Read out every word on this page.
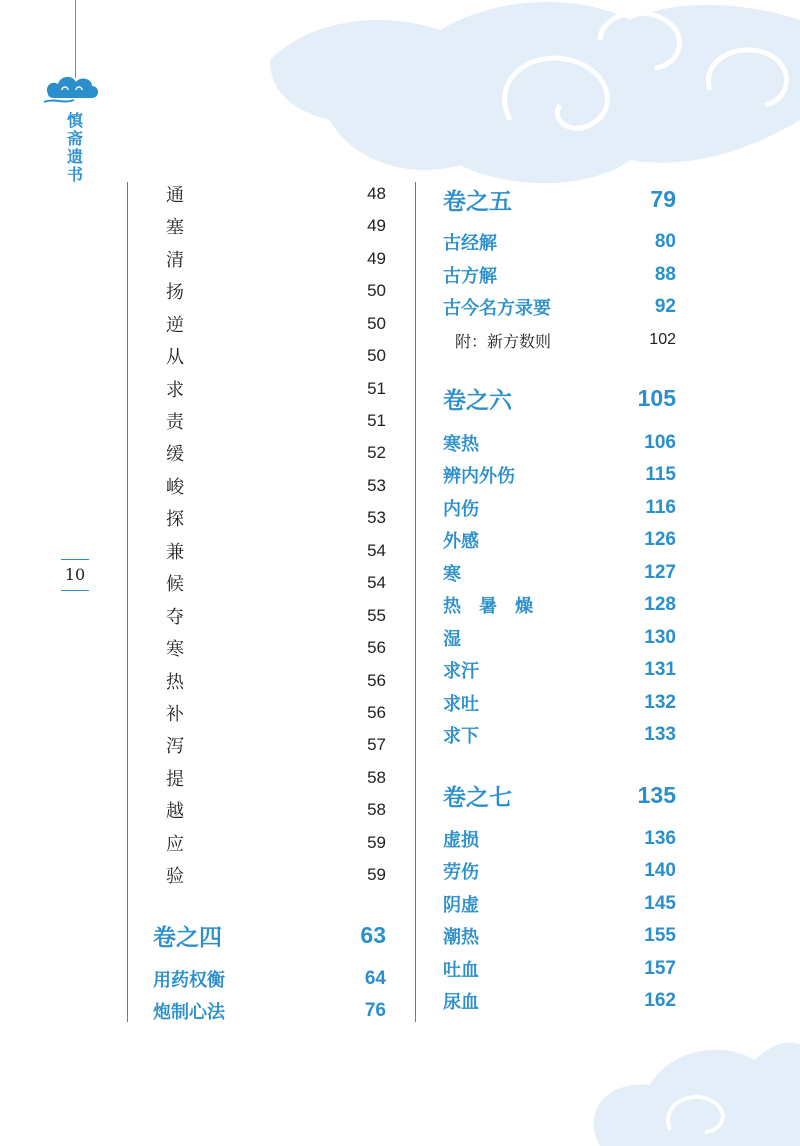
慎斋遗书
10
通	48
塞	49
清	49
扬	50
逆	50
从	50
求	51
责	51
缓	52
峻	53
探	53
兼	54
候	54
夺	55
寒	56
热	56
补	56
泻	57
提	58
越	58
应	59
验	59
卷之四	63
用药权衡	64
炮制心法	76
卷之五	79
古经解	80
古方解	88
古今名方录要	92
附：新方数则	102
卷之六	105
寒热	106
辨内外伤	115
内伤	116
外感	126
寒	127
热　暑　燥	128
湿	130
求汗	131
求吐	132
求下	133
卷之七	135
虚损	136
劳伤	140
阴虚	145
潮热	155
吐血	157
尿血	162
